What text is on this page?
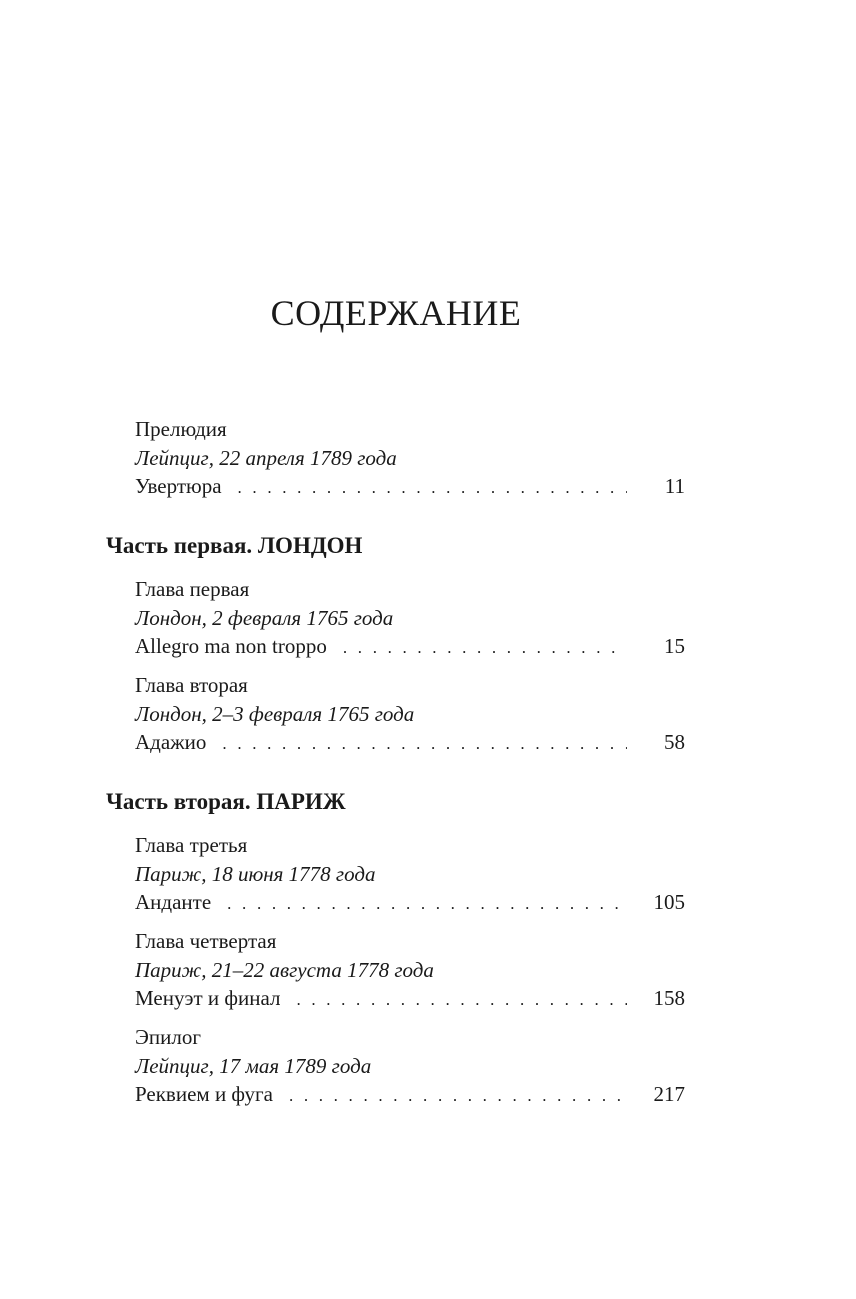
СОДЕРЖАНИЕ
Прелюдия
Лейпциг, 22 апреля 1789 года
Увертюра . . .	11
Часть первая. ЛОНДОН
Глава первая
Лондон, 2 февраля 1765 года
Allegro ma non troppo . . .	15
Глава вторая
Лондон, 2–3 февраля 1765 года
Адажио . . .	58
Часть вторая. ПАРИЖ
Глава третья
Париж, 18 июня 1778 года
Анданте . . .	105
Глава четвертая
Париж, 21–22 августа 1778 года
Менуэт и финал . . .	158
Эпилог
Лейпциг, 17 мая 1789 года
Реквием и фуга . . .	217
